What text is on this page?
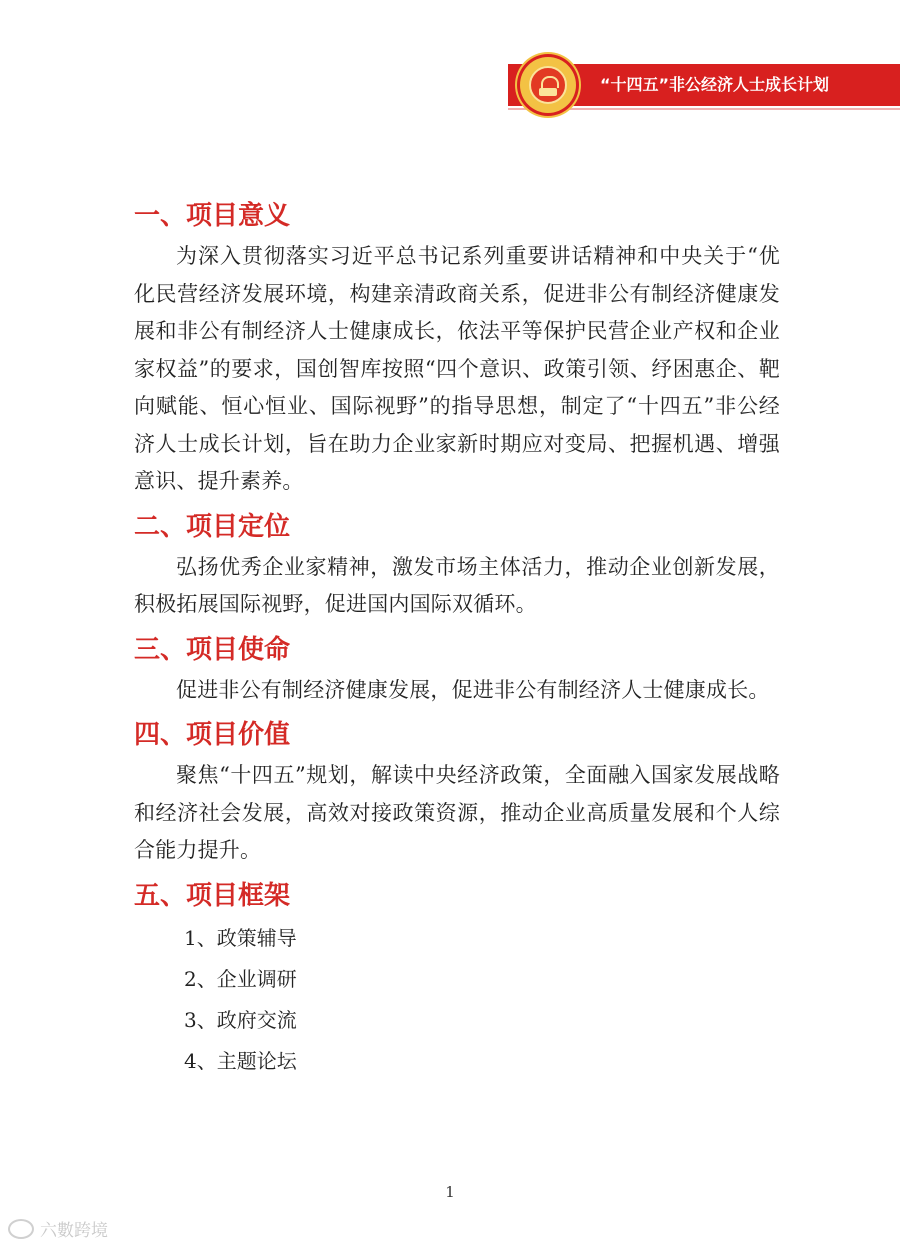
“十四五”非公经济人士成长计划
一、项目意义

为深入贯彻落实习近平总书记系列重要讲话精神和中央关于“优化民营经济发展环境，构建亲清政商关系，促进非公有制经济健康发展和非公有制经济人士健康成长，依法平等保护民营企业产权和企业家权益”的要求，国创智库按照“四个意识、政策引领、纾困惠企、靶向赋能、恒心恒业、国际视野”的指导思想，制定了“十四五”非公经济人士成长计划，旨在助力企业家新时期应对变局、把握机遇、增强意识、提升素养。

二、项目定位

弘扬优秀企业家精神，激发市场主体活力，推动企业创新发展，积极拓展国际视野，促进国内国际双循环。

三、项目使命

促进非公有制经济健康发展，促进非公有制经济人士健康成长。

四、项目价值

聚焦“十四五”规划，解读中央经济政策，全面融入国家发展战略和经济社会发展，高效对接政策资源，推动企业高质量发展和个人综合能力提升。

五、项目框架
1、政策辅导
2、企业调研
3、政府交流
4、主题论坛
1
六數跨境
